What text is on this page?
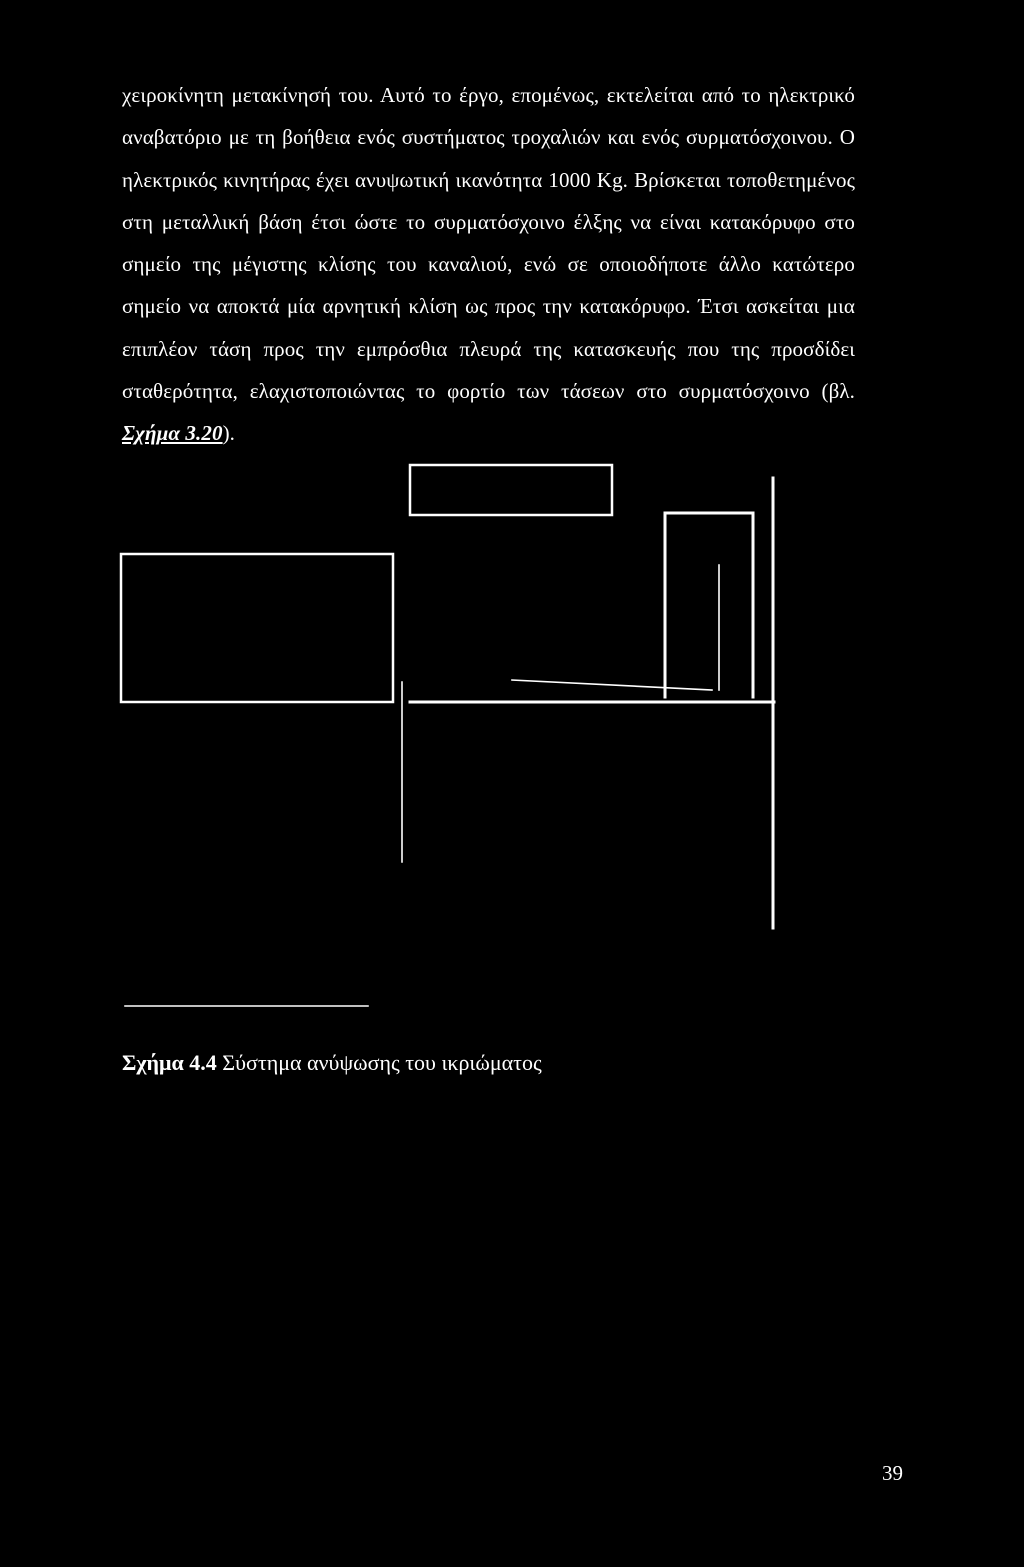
χειροκίνητη μετακίνησή του. Αυτό το έργο, επομένως, εκτελείται από το ηλεκτρικό αναβατόριο με τη βοήθεια ενός συστήματος τροχαλιών και ενός συρματόσχοινου. Ο ηλεκτρικός κινητήρας έχει ανυψωτική ικανότητα 1000 Kg. Βρίσκεται τοποθετημένος στη μεταλλική βάση έτσι ώστε το συρματόσχοινο έλξης να είναι κατακόρυφο στο σημείο της μέγιστης κλίσης του καναλιού, ενώ σε οποιοδήποτε άλλο κατώτερο σημείο να αποκτά μία αρνητική κλίση ως προς την κατακόρυφο. Έτσι ασκείται μια επιπλέον τάση προς την εμπρόσθια πλευρά της κατασκευής που της προσδίδει σταθερότητα, ελαχιστοποιώντας το φορτίο των τάσεων στο συρματόσχοινο (βλ. Σχήμα 3.20).

Σχήμα 4.4 Σύστημα ανύψωσης του ικριώματος
39
